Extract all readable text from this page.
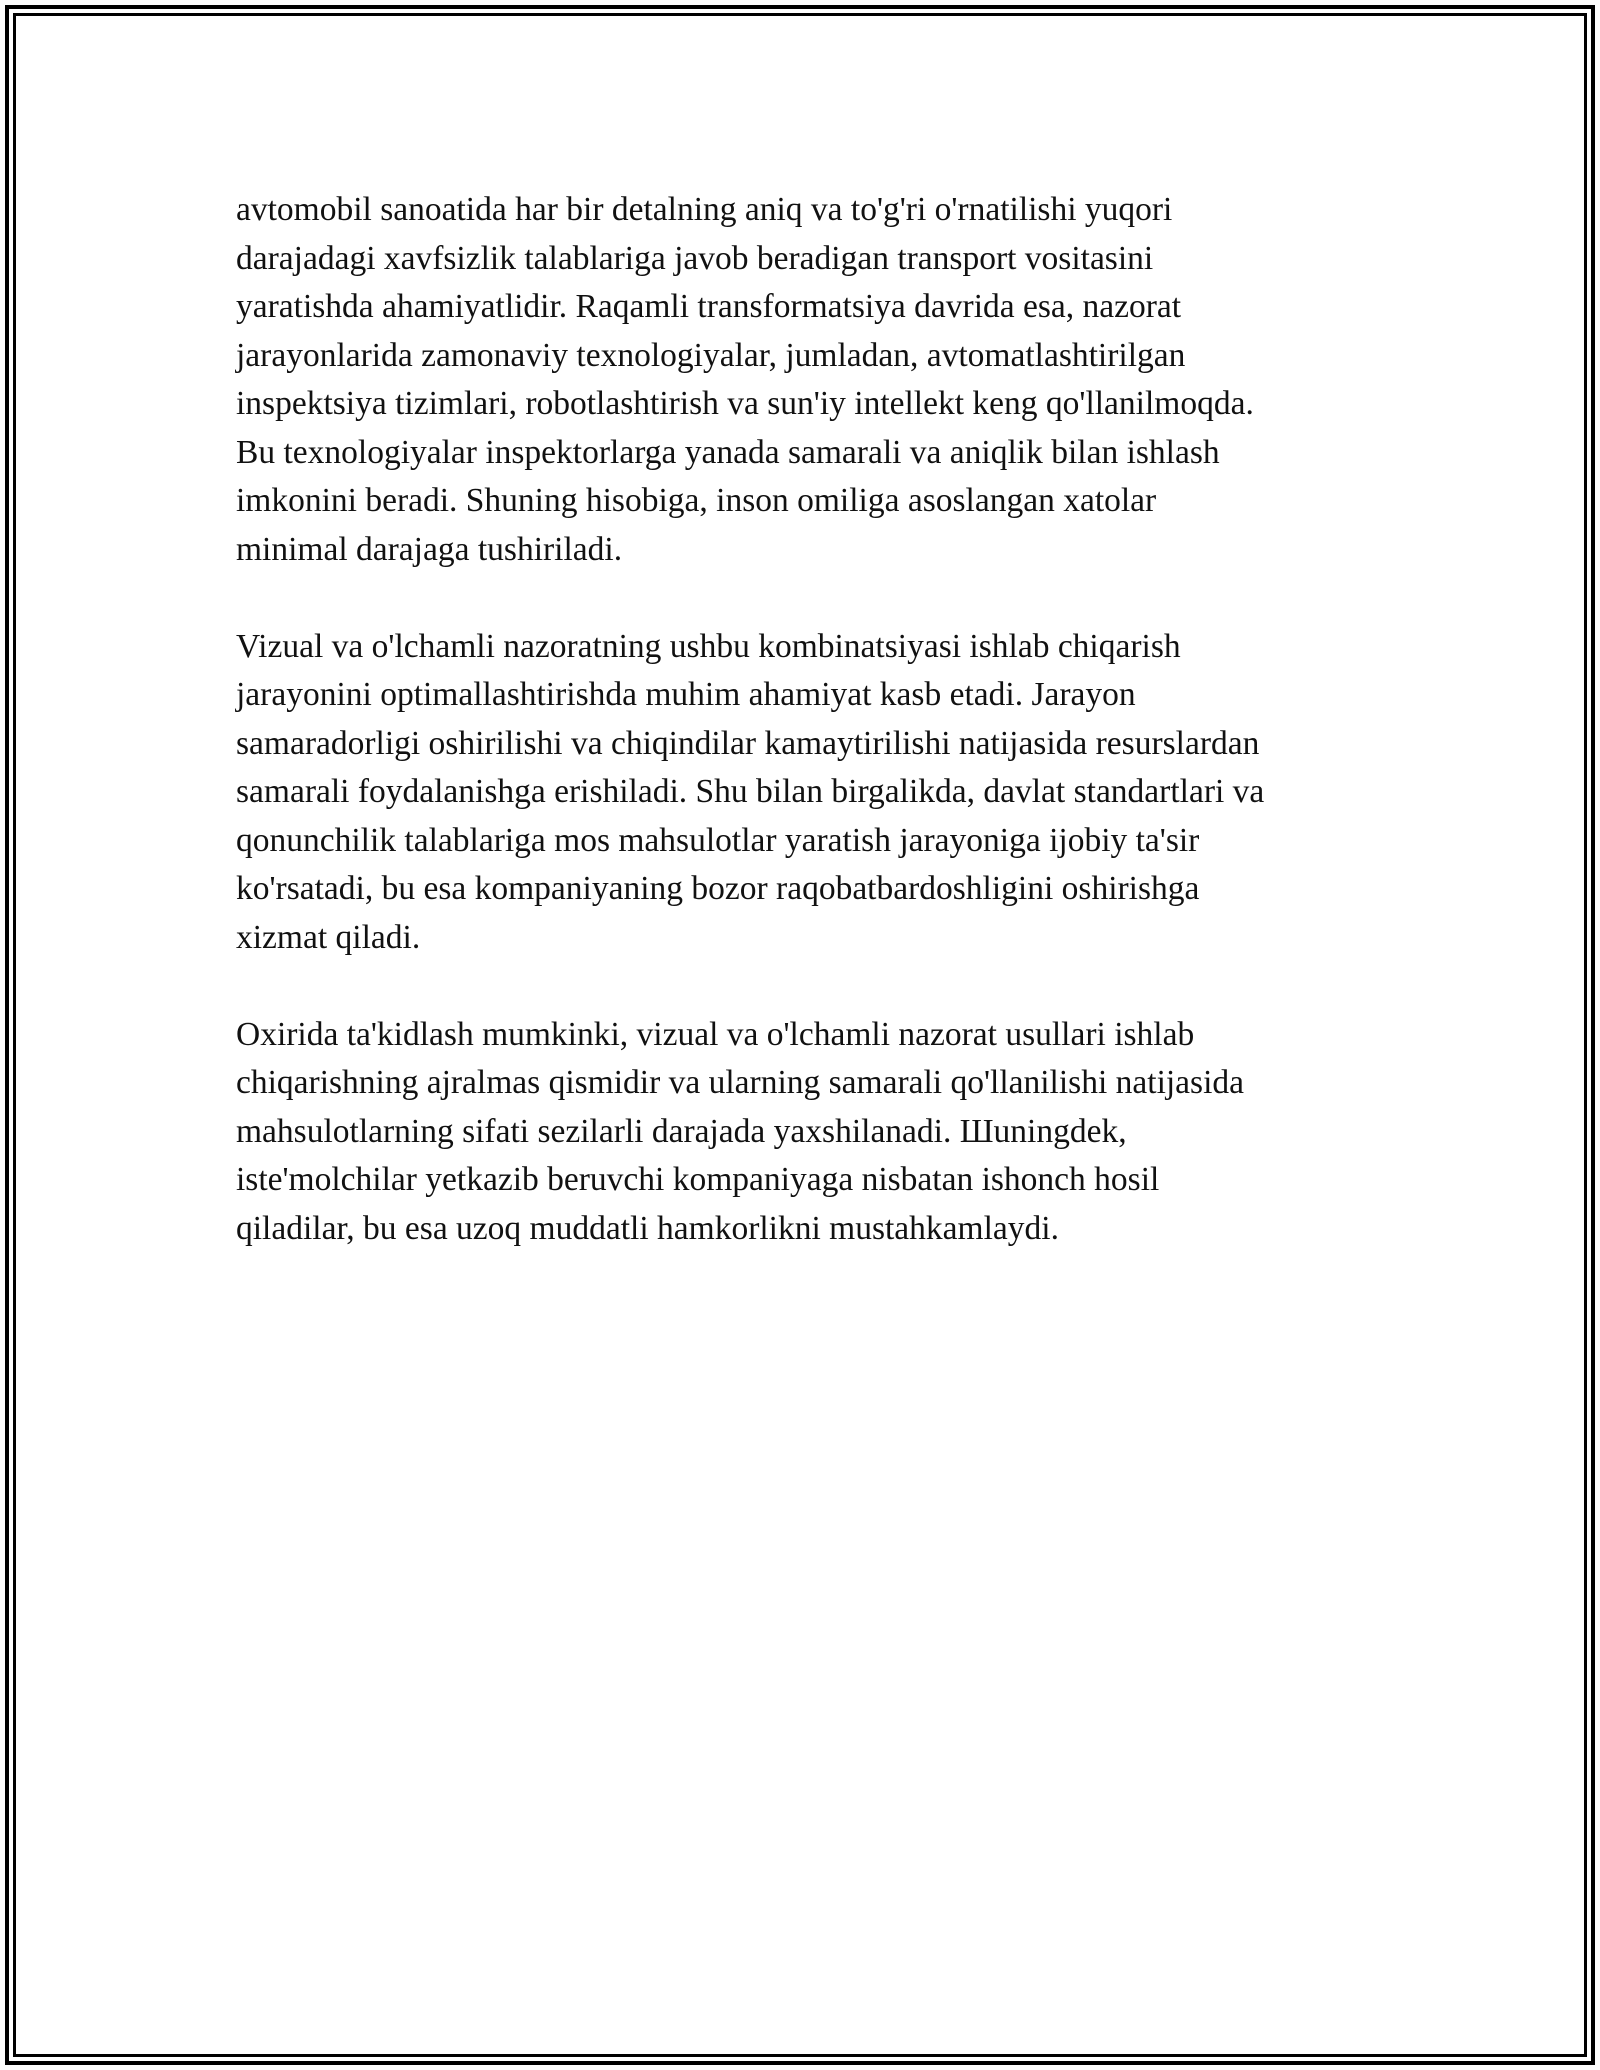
avtomobil sanoatida har bir detalning aniq va to'g'ri o'rnatilishi yuqori
darajadagi xavfsizlik talablariga javob beradigan transport vositasini
yaratishda ahamiyatlidir. Raqamli transformatsiya davrida esa, nazorat
jarayonlarida zamonaviy texnologiyalar, jumladan, avtomatlashtirilgan
inspektsiya tizimlari, robotlashtirish va sun'iy intellekt keng qo'llanilmoqda.
Bu texnologiyalar inspektorlarga yanada samarali va aniqlik bilan ishlash
imkonini beradi. Shuning hisobiga, inson omiliga asoslangan xatolar
minimal darajaga tushiriladi.

Vizual va o'lchamli nazoratning ushbu kombinatsiyasi ishlab chiqarish
jarayonini optimallashtirishda muhim ahamiyat kasb etadi. Jarayon
samaradorligi oshirilishi va chiqindilar kamaytirilishi natijasida resurslardan
samarali foydalanishga erishiladi. Shu bilan birgalikda, davlat standartlari va
qonunchilik talablariga mos mahsulotlar yaratish jarayoniga ijobiy ta'sir
ko'rsatadi, bu esa kompaniyaning bozor raqobatbardoshligini oshirishga
xizmat qiladi.

Oxirida ta'kidlash mumkinki, vizual va o'lchamli nazorat usullari ishlab
chiqarishning ajralmas qismidir va ularning samarali qo'llanilishi natijasida
mahsulotlarning sifati sezilarli darajada yaxshilanadi. Шuningdek,
iste'molchilar yetkazib beruvchi kompaniyaga nisbatan ishonch hosil
qiladilar, bu esa uzoq muddatli hamkorlikni mustahkamlaydi.
